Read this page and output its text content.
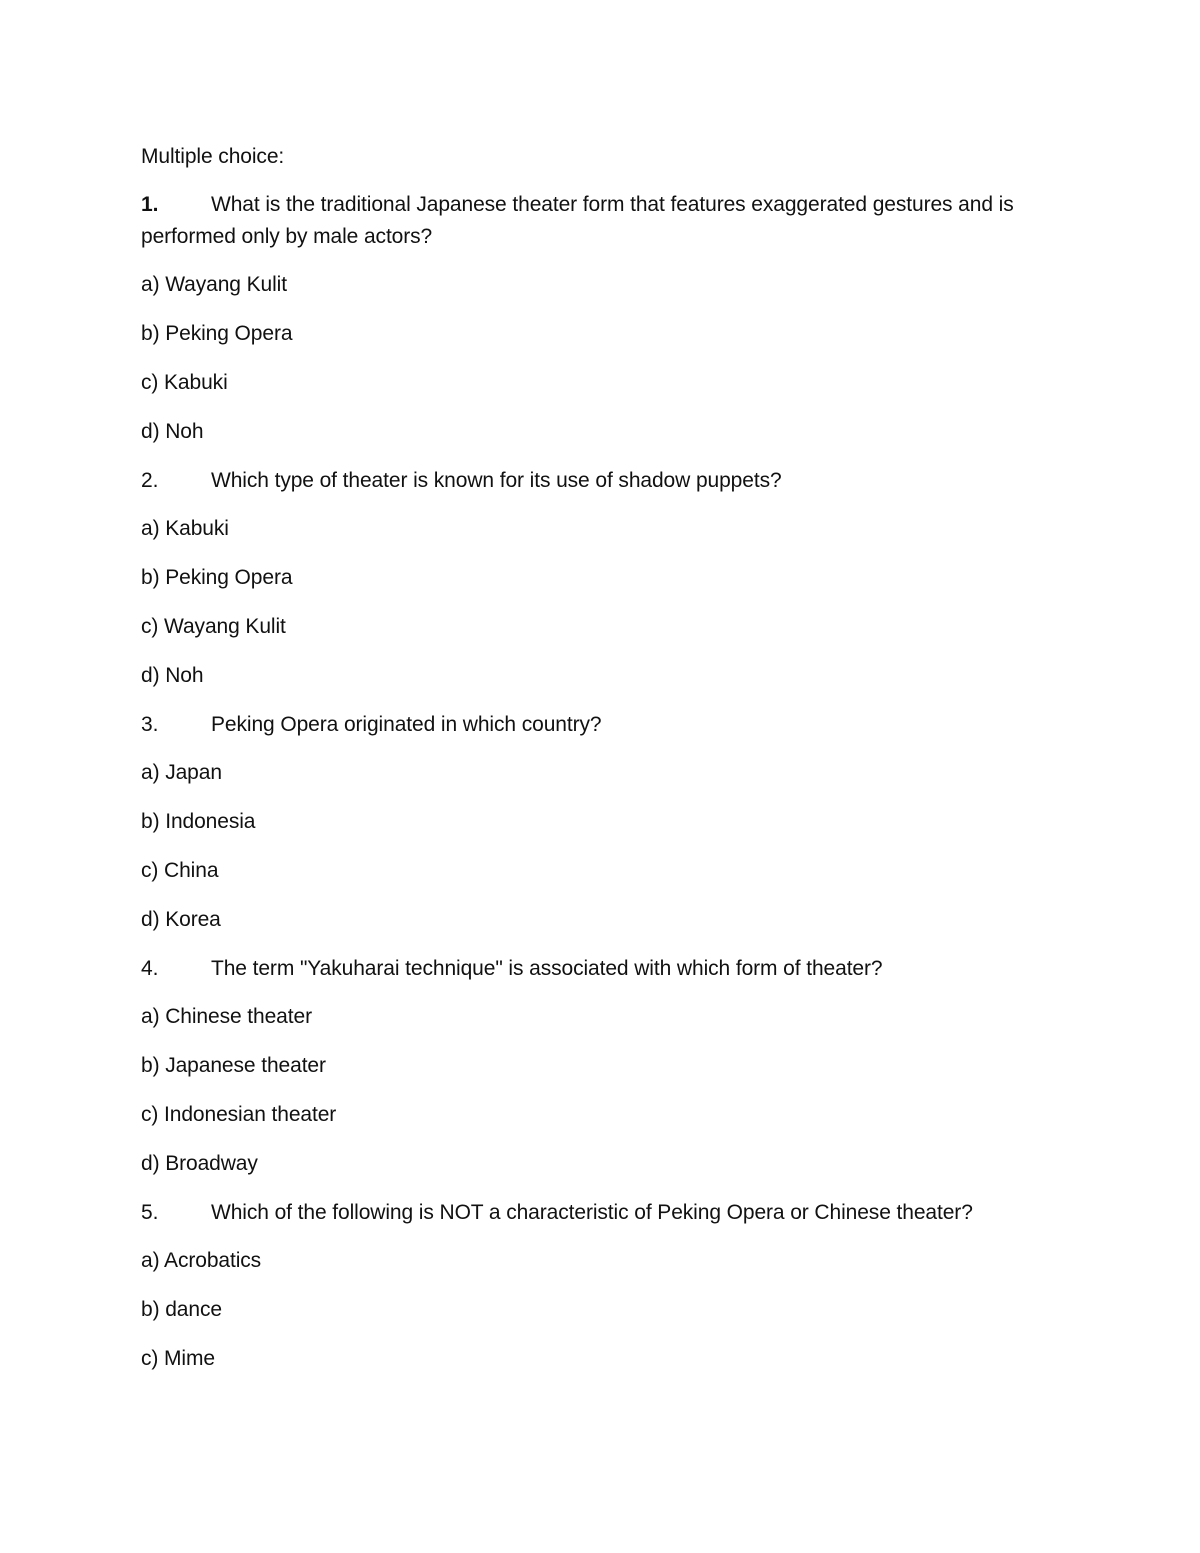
Multiple choice:

1.	What is the traditional Japanese theater form that features exaggerated gestures and is performed only by male actors?

a) Wayang Kulit

b) Peking Opera

c) Kabuki

d) Noh

2.	Which type of theater is known for its use of shadow puppets?

a) Kabuki

b) Peking Opera

c) Wayang Kulit

d) Noh

3.	Peking Opera originated in which country?

a) Japan

b) Indonesia

c) China

d) Korea

4.	The term "Yakuharai technique" is associated with which form of theater?

a) Chinese theater

b) Japanese theater

c) Indonesian theater

d) Broadway

5.	Which of the following is NOT a characteristic of Peking Opera or Chinese theater?

a) Acrobatics

b) dance

c) Mime
